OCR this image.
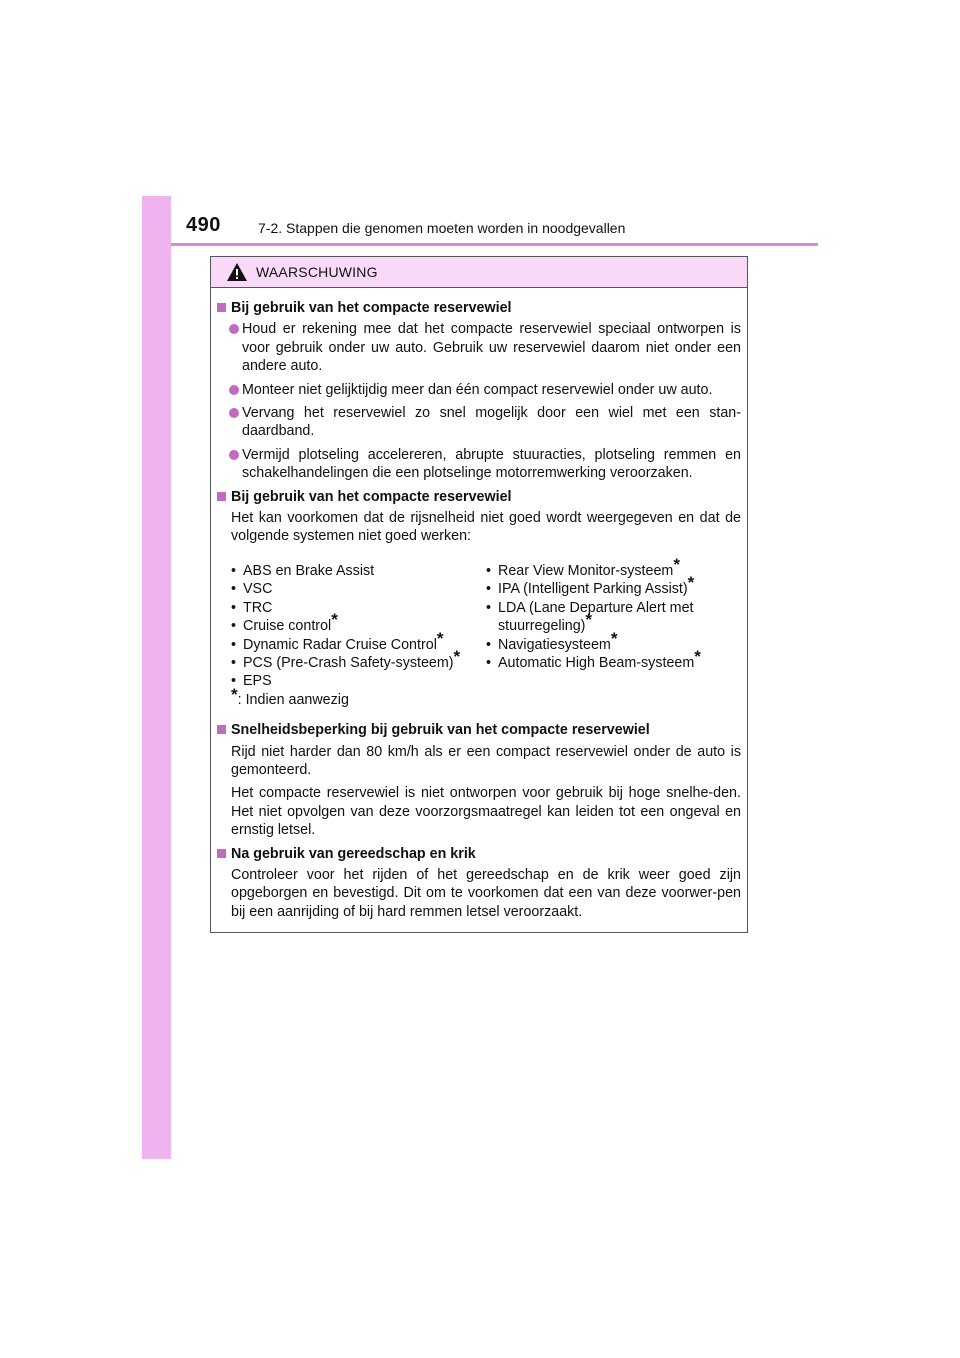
490	7-2. Stappen die genomen moeten worden in noodgevallen
WAARSCHUWING
Bij gebruik van het compacte reservewiel
Houd er rekening mee dat het compacte reservewiel speciaal ontworpen is voor gebruik onder uw auto. Gebruik uw reservewiel daarom niet onder een andere auto.
Monteer niet gelijktijdig meer dan één compact reservewiel onder uw auto.
Vervang het reservewiel zo snel mogelijk door een wiel met een stan-daardband.
Vermijd plotseling accelereren, abrupte stuuracties, plotseling remmen en schakelhandelingen die een plotselinge motorremwerking veroorzaken.
Bij gebruik van het compacte reservewiel
Het kan voorkomen dat de rijsnelheid niet goed wordt weergegeven en dat de volgende systemen niet goed werken:
• ABS en Brake Assist
• VSC
• TRC
• Cruise control*
• Dynamic Radar Cruise Control*
• PCS (Pre-Crash Safety-systeem)*
• EPS
• Rear View Monitor-systeem*
• IPA (Intelligent Parking Assist)*
• LDA (Lane Departure Alert met stuurregeling)*
• Navigatiesysteem*
• Automatic High Beam-systeem*
*: Indien aanwezig
Snelheidsbeperking bij gebruik van het compacte reservewiel
Rijd niet harder dan 80 km/h als er een compact reservewiel onder de auto is gemonteerd.
Het compacte reservewiel is niet ontworpen voor gebruik bij hoge snelhe-den. Het niet opvolgen van deze voorzorgsmaatregel kan leiden tot een ongeval en ernstig letsel.
Na gebruik van gereedschap en krik
Controleer voor het rijden of het gereedschap en de krik weer goed zijn opgeborgen en bevestigd. Dit om te voorkomen dat een van deze voorwer-pen bij een aanrijding of bij hard remmen letsel veroorzaakt.
